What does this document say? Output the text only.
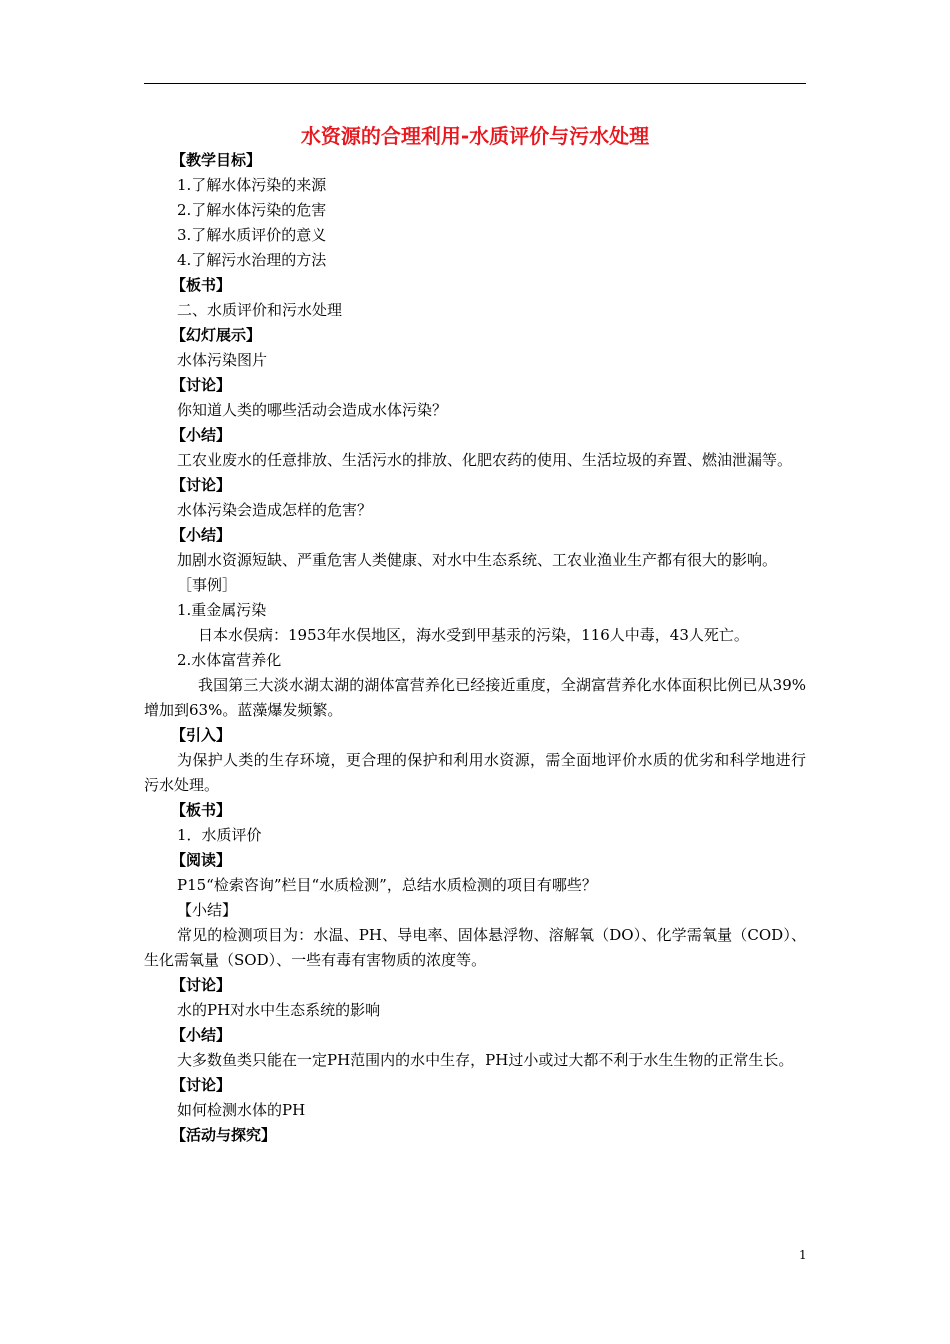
水资源的合理利用-水质评价与污水处理
【教学目标】
1.了解水体污染的来源
2.了解水体污染的危害
3.了解水质评价的意义
4.了解污水治理的方法
【板书】
二、水质评价和污水处理
【幻灯展示】
水体污染图片
【讨论】
你知道人类的哪些活动会造成水体污染？
【小结】
工农业废水的任意排放、生活污水的排放、化肥农药的使用、生活垃圾的弃置、燃油泄漏等。
【讨论】
水体污染会造成怎样的危害？
【小结】
加剧水资源短缺、严重危害人类健康、对水中生态系统、工农业渔业生产都有很大的影响。
［事例］
1.重金属污染
日本水俣病：1953年水俣地区，海水受到甲基汞的污染，116人中毒，43人死亡。
2.水体富营养化
我国第三大淡水湖太湖的湖体富营养化已经接近重度，全湖富营养化水体面积比例已从39%增加到63%。蓝藻爆发频繁。
【引入】
为保护人类的生存环境，更合理的保护和利用水资源，需全面地评价水质的优劣和科学地进行污水处理。
【板书】
1．水质评价
【阅读】
P15“检索咨询”栏目“水质检测”，总结水质检测的项目有哪些？
【小结】
常见的检测项目为：水温、PH、导电率、固体悬浮物、溶解氧（DO）、化学需氧量（COD）、生化需氧量（SOD）、一些有毒有害物质的浓度等。
【讨论】
水的PH对水中生态系统的影响
【小结】
大多数鱼类只能在一定PH范围内的水中生存，PH过小或过大都不利于水生生物的正常生长。
【讨论】
如何检测水体的PH
【活动与探究】
1
